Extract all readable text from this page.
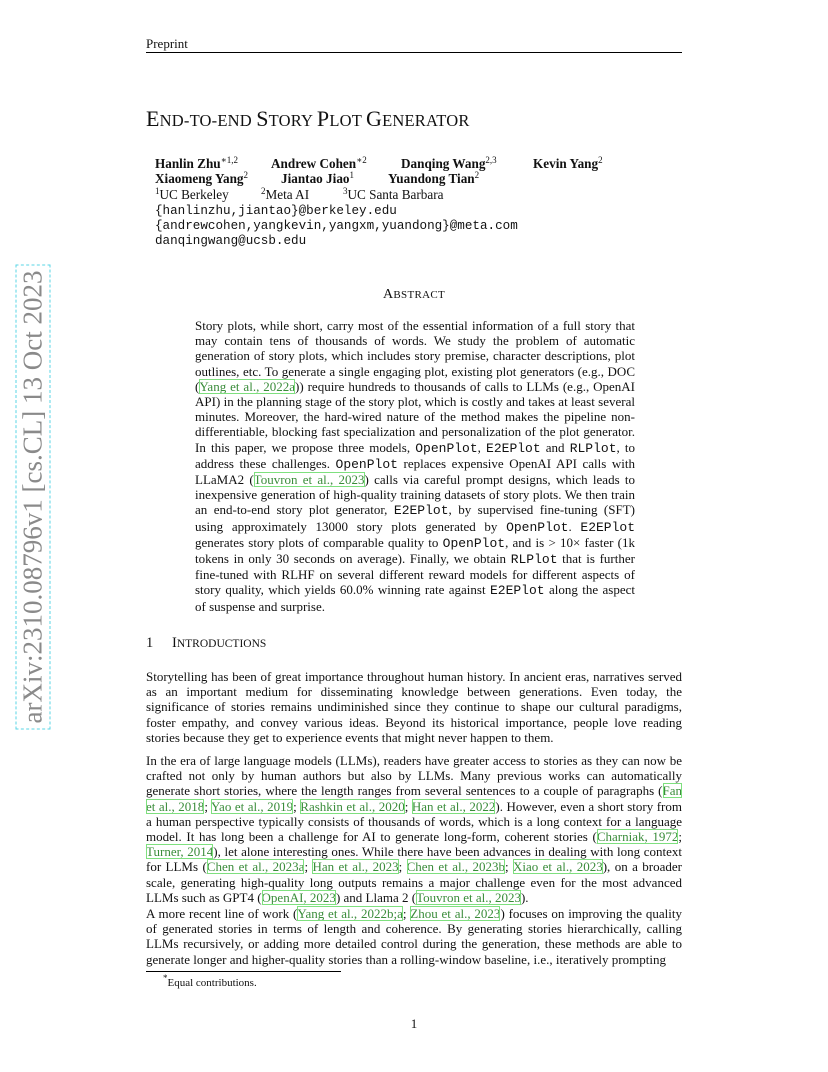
Preprint
END-TO-END STORY PLOT GENERATOR
Hanlin Zhu$^{∗1,2}$	Andrew Cohen$^{∗2}$	Danqing Wang$^{2,3}$	Kevin Yang$^2$
Xiaomeng Yang$^2$ Jiantao Jiao$^1$	Yuandong Tian$^2$
$^1$UC Berkeley	$^2$Meta AI	$^3$UC Santa Barbara
{hanlinzhu,jiantao}@berkeley.edu
{andrewcohen,yangkevin,yangxm,yuandong}@meta.com
danqingwang@ucsb.edu
ABSTRACT
Story plots, while short, carry most of the essential information of a full story that may contain tens of thousands of words. We study the problem of automatic generation of story plots, which includes story premise, character descriptions, plot outlines, etc. To generate a single engaging plot, existing plot generators (e.g., DOC (Yang et al., 2022a)) require hundreds to thousands of calls to LLMs (e.g., OpenAI API) in the planning stage of the story plot, which is costly and takes at least several minutes. Moreover, the hard-wired nature of the method makes the pipeline non-differentiable, blocking fast specialization and personalization of the plot generator. In this paper, we propose three models, OpenPlot, E2EPlot and RLPlot, to address these challenges. OpenPlot replaces expensive OpenAI API calls with LLaMA2 (Touvron et al., 2023) calls via careful prompt designs, which leads to inexpensive generation of high-quality training datasets of story plots. We then train an end-to-end story plot generator, E2EPlot, by supervised fine-tuning (SFT) using approximately 13000 story plots generated by OpenPlot. E2EPlot generates story plots of comparable quality to OpenPlot, and is > 10× faster (1k tokens in only 30 seconds on average). Finally, we obtain RLPlot that is further fine-tuned with RLHF on several different reward models for different aspects of story quality, which yields 60.0% winning rate against E2EPlot along the aspect of suspense and surprise.
1 INTRODUCTIONS
Storytelling has been of great importance throughout human history. In ancient eras, narratives served as an important medium for disseminating knowledge between generations. Even today, the significance of stories remains undiminished since they continue to shape our cultural paradigms, foster empathy, and convey various ideas. Beyond its historical importance, people love reading stories because they get to experience events that might never happen to them.
In the era of large language models (LLMs), readers have greater access to stories as they can now be crafted not only by human authors but also by LLMs. Many previous works can automatically generate short stories, where the length ranges from several sentences to a couple of paragraphs (Fan et al., 2018; Yao et al., 2019; Rashkin et al., 2020; Han et al., 2022). However, even a short story from a human perspective typically consists of thousands of words, which is a long context for a language model. It has long been a challenge for AI to generate long-form, coherent stories (Charniak, 1972; Turner, 2014), let alone interesting ones. While there have been advances in dealing with long context for LLMs (Chen et al., 2023a; Han et al., 2023; Chen et al., 2023b; Xiao et al., 2023), on a broader scale, generating high-quality long outputs remains a major challenge even for the most advanced LLMs such as GPT4 (OpenAI, 2023) and Llama 2 (Touvron et al., 2023).
A more recent line of work (Yang et al., 2022b;a; Zhou et al., 2023) focuses on improving the quality of generated stories in terms of length and coherence. By generating stories hierarchically, calling LLMs recursively, or adding more detailed control during the generation, these methods are able to generate longer and higher-quality stories than a rolling-window baseline, i.e., iteratively prompting
*Equal contributions.
1
arXiv:2310.08796v1 [cs.CL] 13 Oct 2023
